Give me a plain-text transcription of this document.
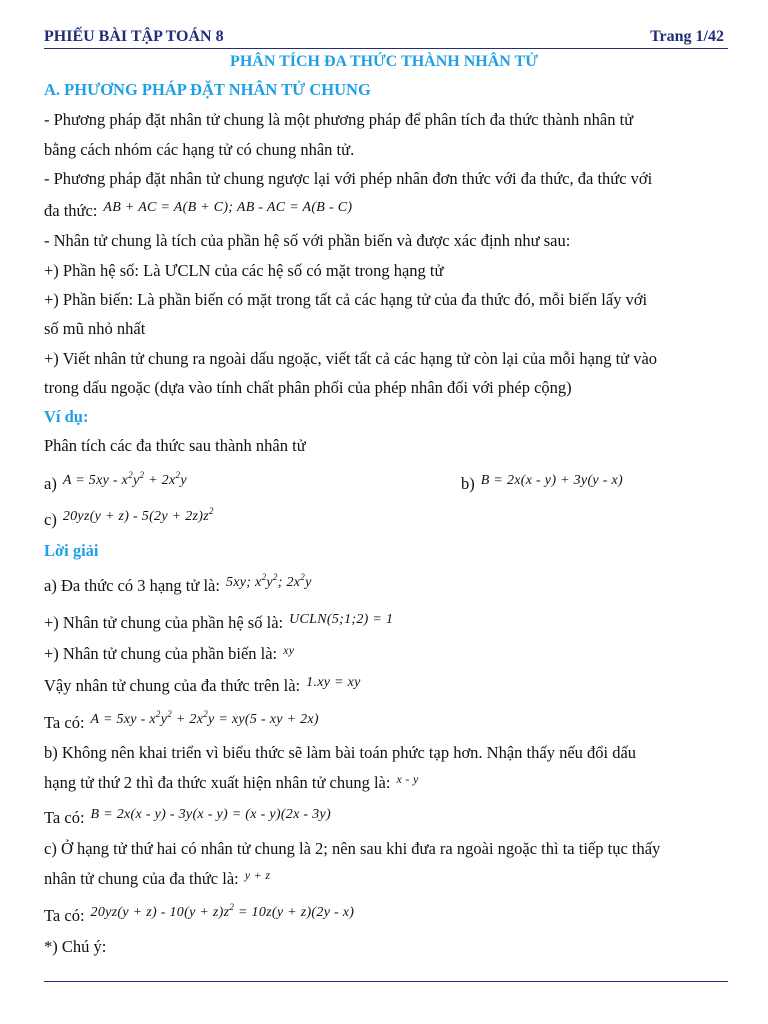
PHIẾU BÀI TẬP TOÁN 8	Trang 1/42
PHÂN TÍCH ĐA THỨC THÀNH NHÂN TỬ
A. PHƯƠNG PHÁP ĐẶT NHÂN TỬ CHUNG
- Phương pháp đặt nhân tử chung là một phương pháp để phân tích đa thức thành nhân tử
bằng cách nhóm các hạng tử có chung nhân tử.
- Phương pháp đặt nhân tử chung ngược lại với phép nhân đơn thức với đa thức, đa thức với
đa thức: $^{AB + AC = A(B + C); AB - AC = A(B - C)}$
- Nhân tử chung là tích của phần hệ số với phần biến và được xác định như sau:
+) Phần hệ số: Là ƯCLN của các hệ số có mặt trong hạng tử
+) Phần biến: Là phần biến có mặt trong tất cả các hạng tử của đa thức đó, mỗi biến lấy với
số mũ nhỏ nhất
+) Viết nhân tử chung ra ngoài dấu ngoặc, viết tất cả các hạng tử còn lại của mỗi hạng tử vào
trong dấu ngoặc (dựa vào tính chất phân phối của phép nhân đối với phép cộng)
Ví dụ:
Phân tích các đa thức sau thành nhân tử
a) $^{A = 5xy - x^2y^2 + 2x^2y}$	b) $^{B = 2x(x - y) + 3y(y - x)}$
c) $^{20yz(y + z) - 5(2y + 2z)z^2}$
Lời giải
a) Đa thức có 3 hạng tử là: $^{5xy; x^2y^2; 2x^2y}$
+) Nhân tử chung của phần hệ số là: $^{UCLN(5;1;2) = 1}$
+) Nhân tử chung của phần biến là: $^{xy}$
Vậy nhân tử chung của đa thức trên là: $^{1.xy = xy}$
Ta có: $^{A = 5xy - x^2y^2 + 2x^2y = xy(5 - xy + 2x)}$
b) Không nên khai triển vì biểu thức sẽ làm bài toán phức tạp hơn. Nhận thấy nếu đổi dấu
hạng tử thứ 2 thì đa thức xuất hiện nhân tử chung là: $^{x - y}$
Ta có: $^{B = 2x(x - y) - 3y(x - y) = (x - y)(2x - 3y)}$
c) Ở hạng tử thứ hai có nhân tử chung là 2; nên sau khi đưa ra ngoài ngoặc thì ta tiếp tục thấy
nhân tử chung của đa thức là: $^{y + z}$
Ta có: $^{20yz(y + z) - 10(y + z)z^2 = 10z(y + z)(2y - x)}$
*) Chú ý:
